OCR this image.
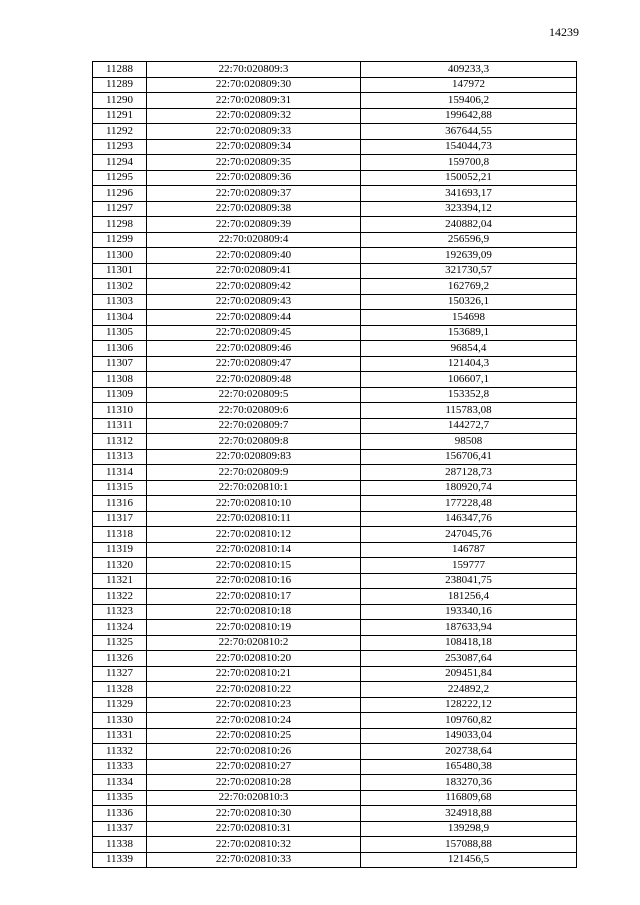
14239
11288	22:70:020809:3	409233,3
11289	22:70:020809:30	147972
11290	22:70:020809:31	159406,2
11291	22:70:020809:32	199642,88
11292	22:70:020809:33	367644,55
11293	22:70:020809:34	154044,73
11294	22:70:020809:35	159700,8
11295	22:70:020809:36	150052,21
11296	22:70:020809:37	341693,17
11297	22:70:020809:38	323394,12
11298	22:70:020809:39	240882,04
11299	22:70:020809:4	256596,9
11300	22:70:020809:40	192639,09
11301	22:70:020809:41	321730,57
11302	22:70:020809:42	162769,2
11303	22:70:020809:43	150326,1
11304	22:70:020809:44	154698
11305	22:70:020809:45	153689,1
11306	22:70:020809:46	96854,4
11307	22:70:020809:47	121404,3
11308	22:70:020809:48	106607,1
11309	22:70:020809:5	153352,8
11310	22:70:020809:6	115783,08
11311	22:70:020809:7	144272,7
11312	22:70:020809:8	98508
11313	22:70:020809:83	156706,41
11314	22:70:020809:9	287128,73
11315	22:70:020810:1	180920,74
11316	22:70:020810:10	177228,48
11317	22:70:020810:11	146347,76
11318	22:70:020810:12	247045,76
11319	22:70:020810:14	146787
11320	22:70:020810:15	159777
11321	22:70:020810:16	238041,75
11322	22:70:020810:17	181256,4
11323	22:70:020810:18	193340,16
11324	22:70:020810:19	187633,94
11325	22:70:020810:2	108418,18
11326	22:70:020810:20	253087,64
11327	22:70:020810:21	209451,84
11328	22:70:020810:22	224892,2
11329	22:70:020810:23	128222,12
11330	22:70:020810:24	109760,82
11331	22:70:020810:25	149033,04
11332	22:70:020810:26	202738,64
11333	22:70:020810:27	165480,38
11334	22:70:020810:28	183270,36
11335	22:70:020810:3	116809,68
11336	22:70:020810:30	324918,88
11337	22:70:020810:31	139298,9
11338	22:70:020810:32	157088,88
11339	22:70:020810:33	121456,5
